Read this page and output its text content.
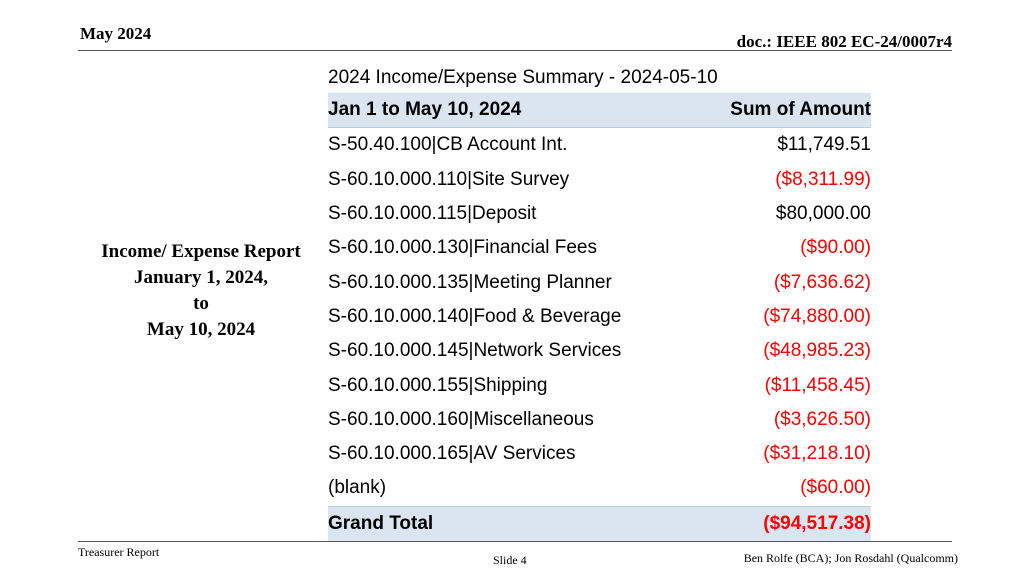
May 2024	doc.: IEEE 802 EC-24/0007r4
Income/ Expense Report
January 1, 2024,
to
May 10, 2024
2024 Income/Expense Summary - 2024-05-10
Jan 1 to May 10, 2024	Sum of Amount
S-50.40.100|CB Account Int.	$11,749.51
S-60.10.000.110|Site Survey	($8,311.99)
S-60.10.000.115|Deposit	$80,000.00
S-60.10.000.130|Financial Fees	($90.00)
S-60.10.000.135|Meeting Planner	($7,636.62)
S-60.10.000.140|Food & Beverage	($74,880.00)
S-60.10.000.145|Network Services	($48,985.23)
S-60.10.000.155|Shipping	($11,458.45)
S-60.10.000.160|Miscellaneous	($3,626.50)
S-60.10.000.165|AV Services	($31,218.10)
(blank)	($60.00)
Grand Total	($94,517.38)
Treasurer Report
Slide 4	Ben Rolfe (BCA); Jon Rosdahl (Qualcomm)
